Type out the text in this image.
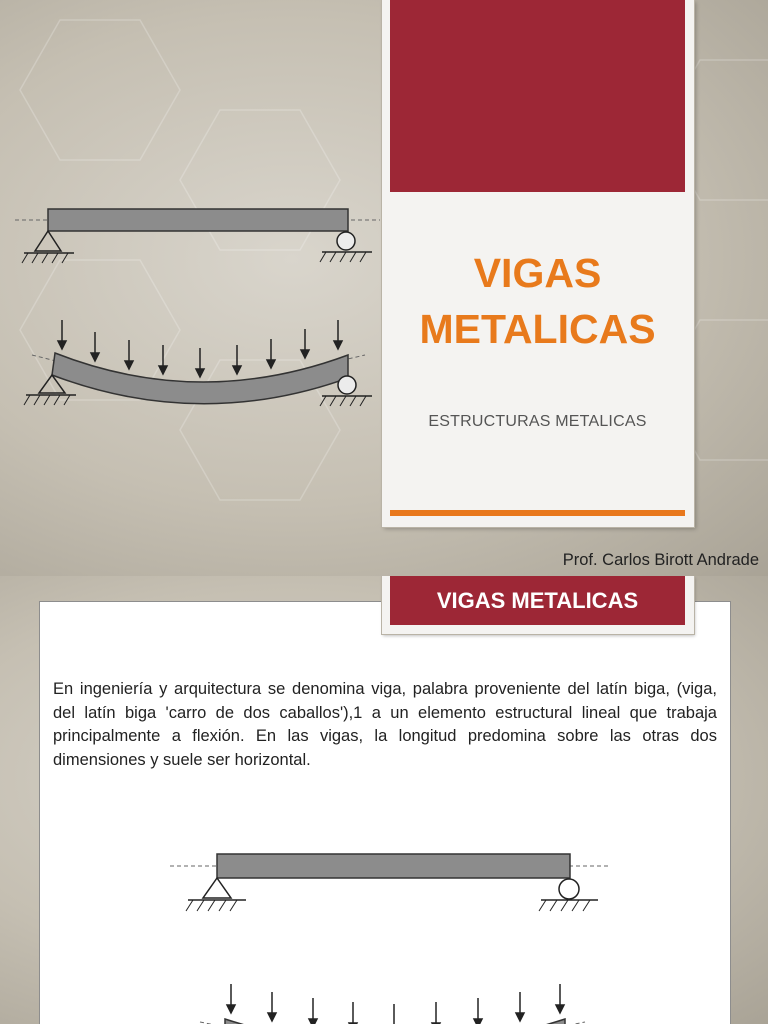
VIGAS
METALICAS
ESTRUCTURAS METALICAS
Prof. Carlos Birott Andrade
En ingeniería y arquitectura se denomina viga, palabra proveniente del latín biga, (viga, del latín biga 'carro de dos caballos'),1 a un elemento estructural lineal que trabaja principalmente a flexión. En las vigas, la longitud predomina sobre las otras dos dimensiones y suele ser horizontal.
VIGAS METALICAS
